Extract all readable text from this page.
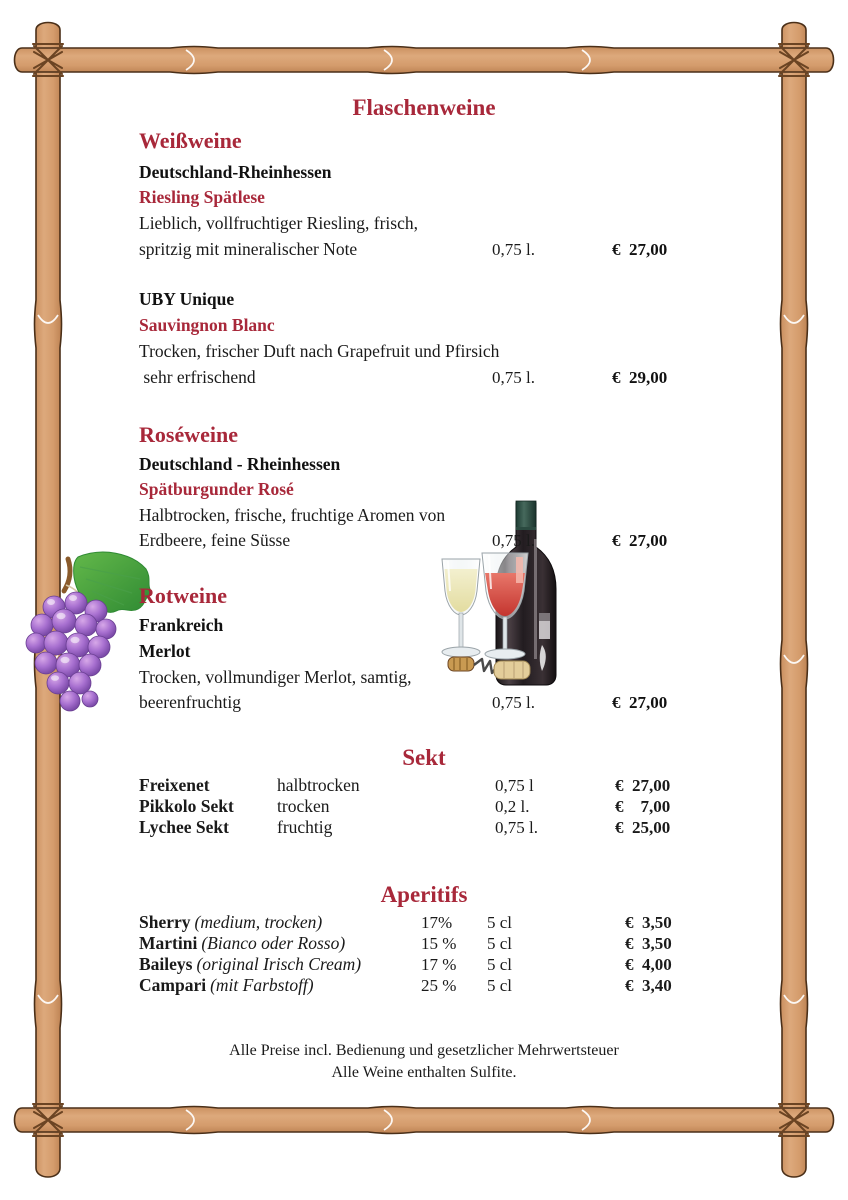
Flaschenweine
Weißweine
Deutschland-Rheinhessen
Riesling Spätlese
Lieblich, vollfruchtiger Riesling, frisch,
spritzig mit mineralischer Note	0,75 l.	€ 27,00
UBY Unique
Sauvingnon Blanc
Trocken, frischer Duft nach Grapefruit und Pfirsich
sehr erfrischend	0,75 l.	€ 29,00
Roséweine
Deutschland - Rheinhessen
Spätburgunder Rosé
Halbtrocken, frische, fruchtige Aromen von
Erdbeere, feine Süsse	0,75 l.	€ 27,00
Rotweine
Frankreich
Merlot
Trocken, vollmundiger Merlot, samtig,
beerenfruchtig	0,75 l.	€ 27,00
Sekt
Freixenet	halbtrocken	0,75 l	€ 27,00
Pikkolo Sekt	trocken	0,2 l.	€ 7,00
Lychee Sekt	fruchtig	0,75 l.	€ 25,00
Aperitifs
Sherry (medium, trocken)	17%	5 cl	€ 3,50
Martini (Bianco oder Rosso)	15 %	5 cl	€ 3,50
Baileys (original Irisch Cream)	17 %	5 cl	€ 4,00
Campari (mit Farbstoff)	25 %	5 cl	€ 3,40
Alle Preise incl. Bedienung und gesetzlicher Mehrwertsteuer
Alle Weine enthalten Sulfite.
